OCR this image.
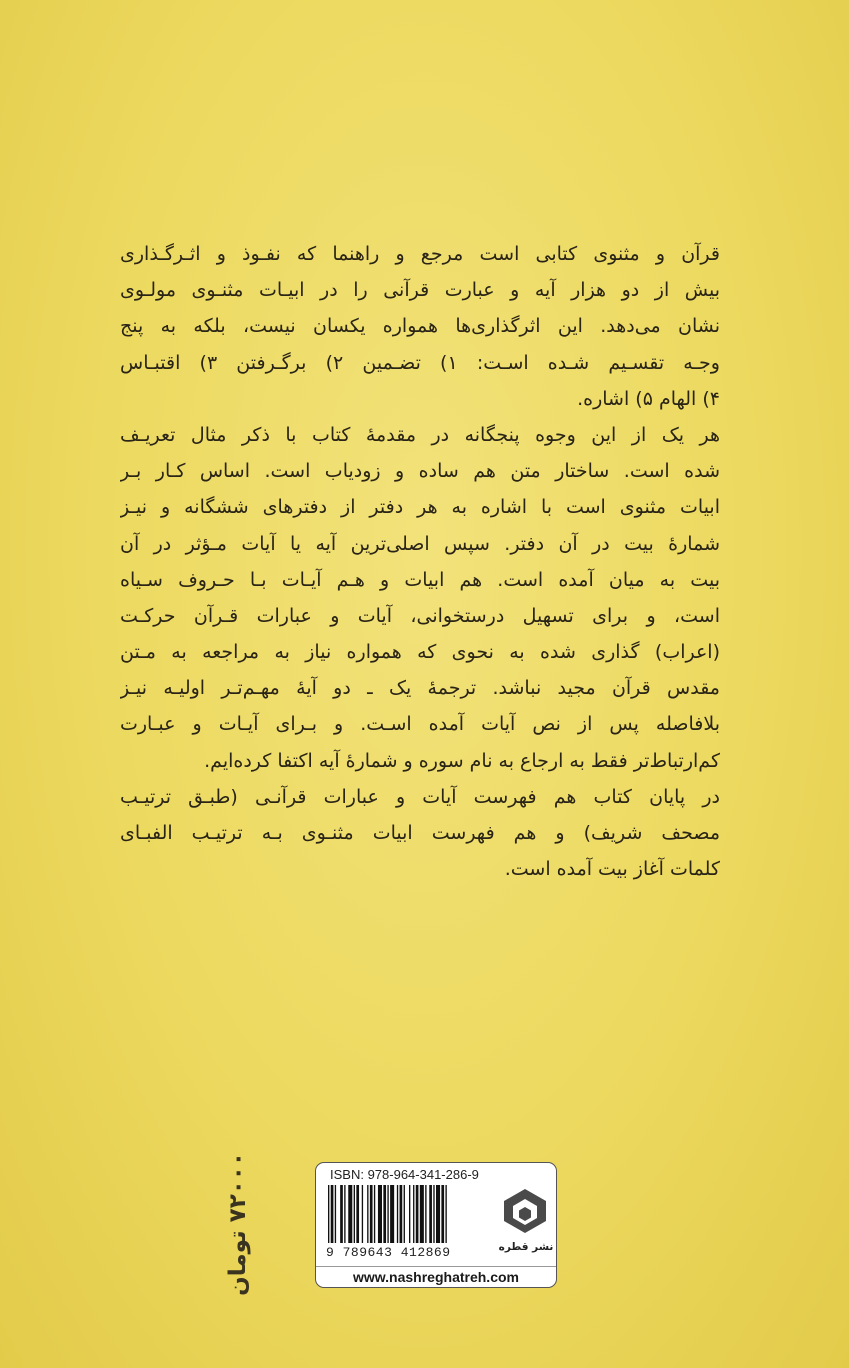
قرآن و مثنوی کتابی است مرجع و راهنما که نفـوذ و اثـرگـذاری
بیش از دو هزار آیه و عبارت قرآنی را در ابیـات مثنـوی مولـوی
نشان می‌دهد. این اثرگذاری‌ها همواره یکسان نیست، بلکه به پنج
وجـه تقسـیم شـده اسـت: ۱) تضـمین ۲) برگـرفتن ۳) اقتبـاس
۴) الهام ۵) اشاره.

هر یک از این وجوه پنجگانه در مقدمهٔ کتاب با ذکر مثال تعریـف
شده است. ساختار متن هم ساده و زودیاب است. اساس کـار بـر
ابیات مثنوی است با اشاره به هر دفتر از دفترهای ششگانه و نیـز
شمارهٔ بیت در آن دفتر. سپس اصلی‌ترین آیه یا آیات مـؤثر در آن
بیت به میان آمده است. هم ابیات و هـم آیـات بـا حـروف سـیاه
است، و برای تسهیل درستخوانی، آیات و عبارات قـرآن حرکـت
(اعراب) گذاری شده به نحوی که همواره نیاز به مراجعه به مـتن
مقدس قرآن مجید نباشد. ترجمهٔ یک ـ دو آیهٔ مهـم‌تـر اولیـه نیـز
بلافاصله پس از نص آیات آمده اسـت. و بـرای آیـات و عبـارت
کم‌ارتباط‌تر فقط به ارجاع به نام سوره و شمارهٔ آیه اکتفا کرده‌ایم.

در پایان کتاب هم فهرست آیات و عبارات قرآنـی (طبـق ترتیـب
مصحف شریف) و هم فهرست ابیات مثنـوی بـه ترتیـب الفبـای
کلمات آغاز بیت آمده است.

۷۲۰۰۰ تومان	ISBN: 978-964-341-286-9
9 789643 412869	نشر قطره
www.nashreghatreh.com
